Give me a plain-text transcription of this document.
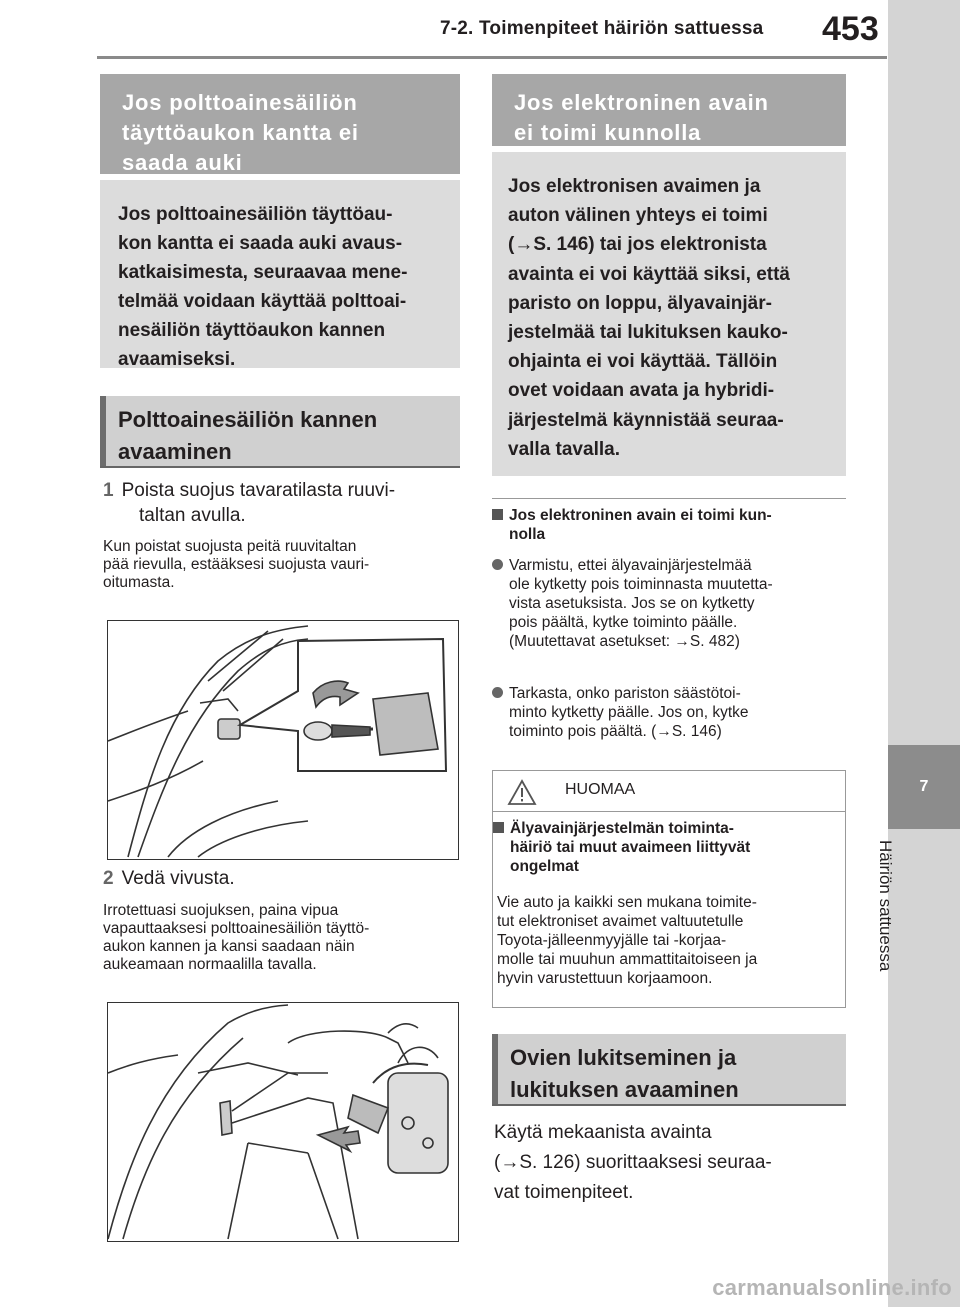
7-2. Toimenpiteet häiriön sattuessa 453
7
Häiriön sattuessa
Jos polttoainesäiliön
täyttöaukon kantta ei
saada auki
Jos polttoainesäiliön täyttöau-
kon kantta ei saada auki avaus-
katkaisimesta, seuraavaa mene-
telmää voidaan käyttää polttoai-
nesäiliön täyttöaukon kannen
avaamiseksi.
Polttoainesäiliön kannen
avaaminen
1 Poista suojus tavaratilasta ruuvi-
taltan avulla.
Kun poistat suojusta peitä ruuvitaltan
pää rievulla, estääksesi suojusta vauri-
oitumasta.
2 Vedä vivusta.
Irrotettuasi suojuksen, paina vipua
vapauttaaksesi polttoainesäiliön täyttö-
aukon kannen ja kansi saadaan näin
aukeamaan normaalilla tavalla.
Jos elektroninen avain
ei toimi kunnolla
Jos elektronisen avaimen ja
auton välinen yhteys ei toimi
(→S. 146) tai jos elektronista
avainta ei voi käyttää siksi, että
paristo on loppu, älyavainjär-
jestelmää tai lukituksen kauko-
ohjainta ei voi käyttää. Tällöin
ovet voidaan avata ja hybridi-
järjestelmä käynnistää seuraa-
valla tavalla.
Jos elektroninen avain ei toimi kun-
nolla
Varmistu, ettei älyavainjärjestelmää
ole kytketty pois toiminnasta muutetta-
vista asetuksista. Jos se on kytketty
pois päältä, kytke toiminto päälle.
(Muutettavat asetukset: →S. 482)
Tarkasta, onko pariston säästötoi-
minto kytketty päälle. Jos on, kytke
toiminto pois päältä. (→S. 146)
HUOMAA
Älyavainjärjestelmän toiminta-
häiriö tai muut avaimeen liittyvät
ongelmat
Vie auto ja kaikki sen mukana toimite-
tut elektroniset avaimet valtuutetulle
Toyota-jälleenmyyjälle tai -korjaa-
molle tai muuhun ammattitaitoiseen ja
hyvin varustettuun korjaamoon.
Ovien lukitseminen ja
lukituksen avaaminen
Käytä mekaanista avainta
(→S. 126) suorittaaksesi seuraa-
vat toimenpiteet.
carmanualsonline.info
